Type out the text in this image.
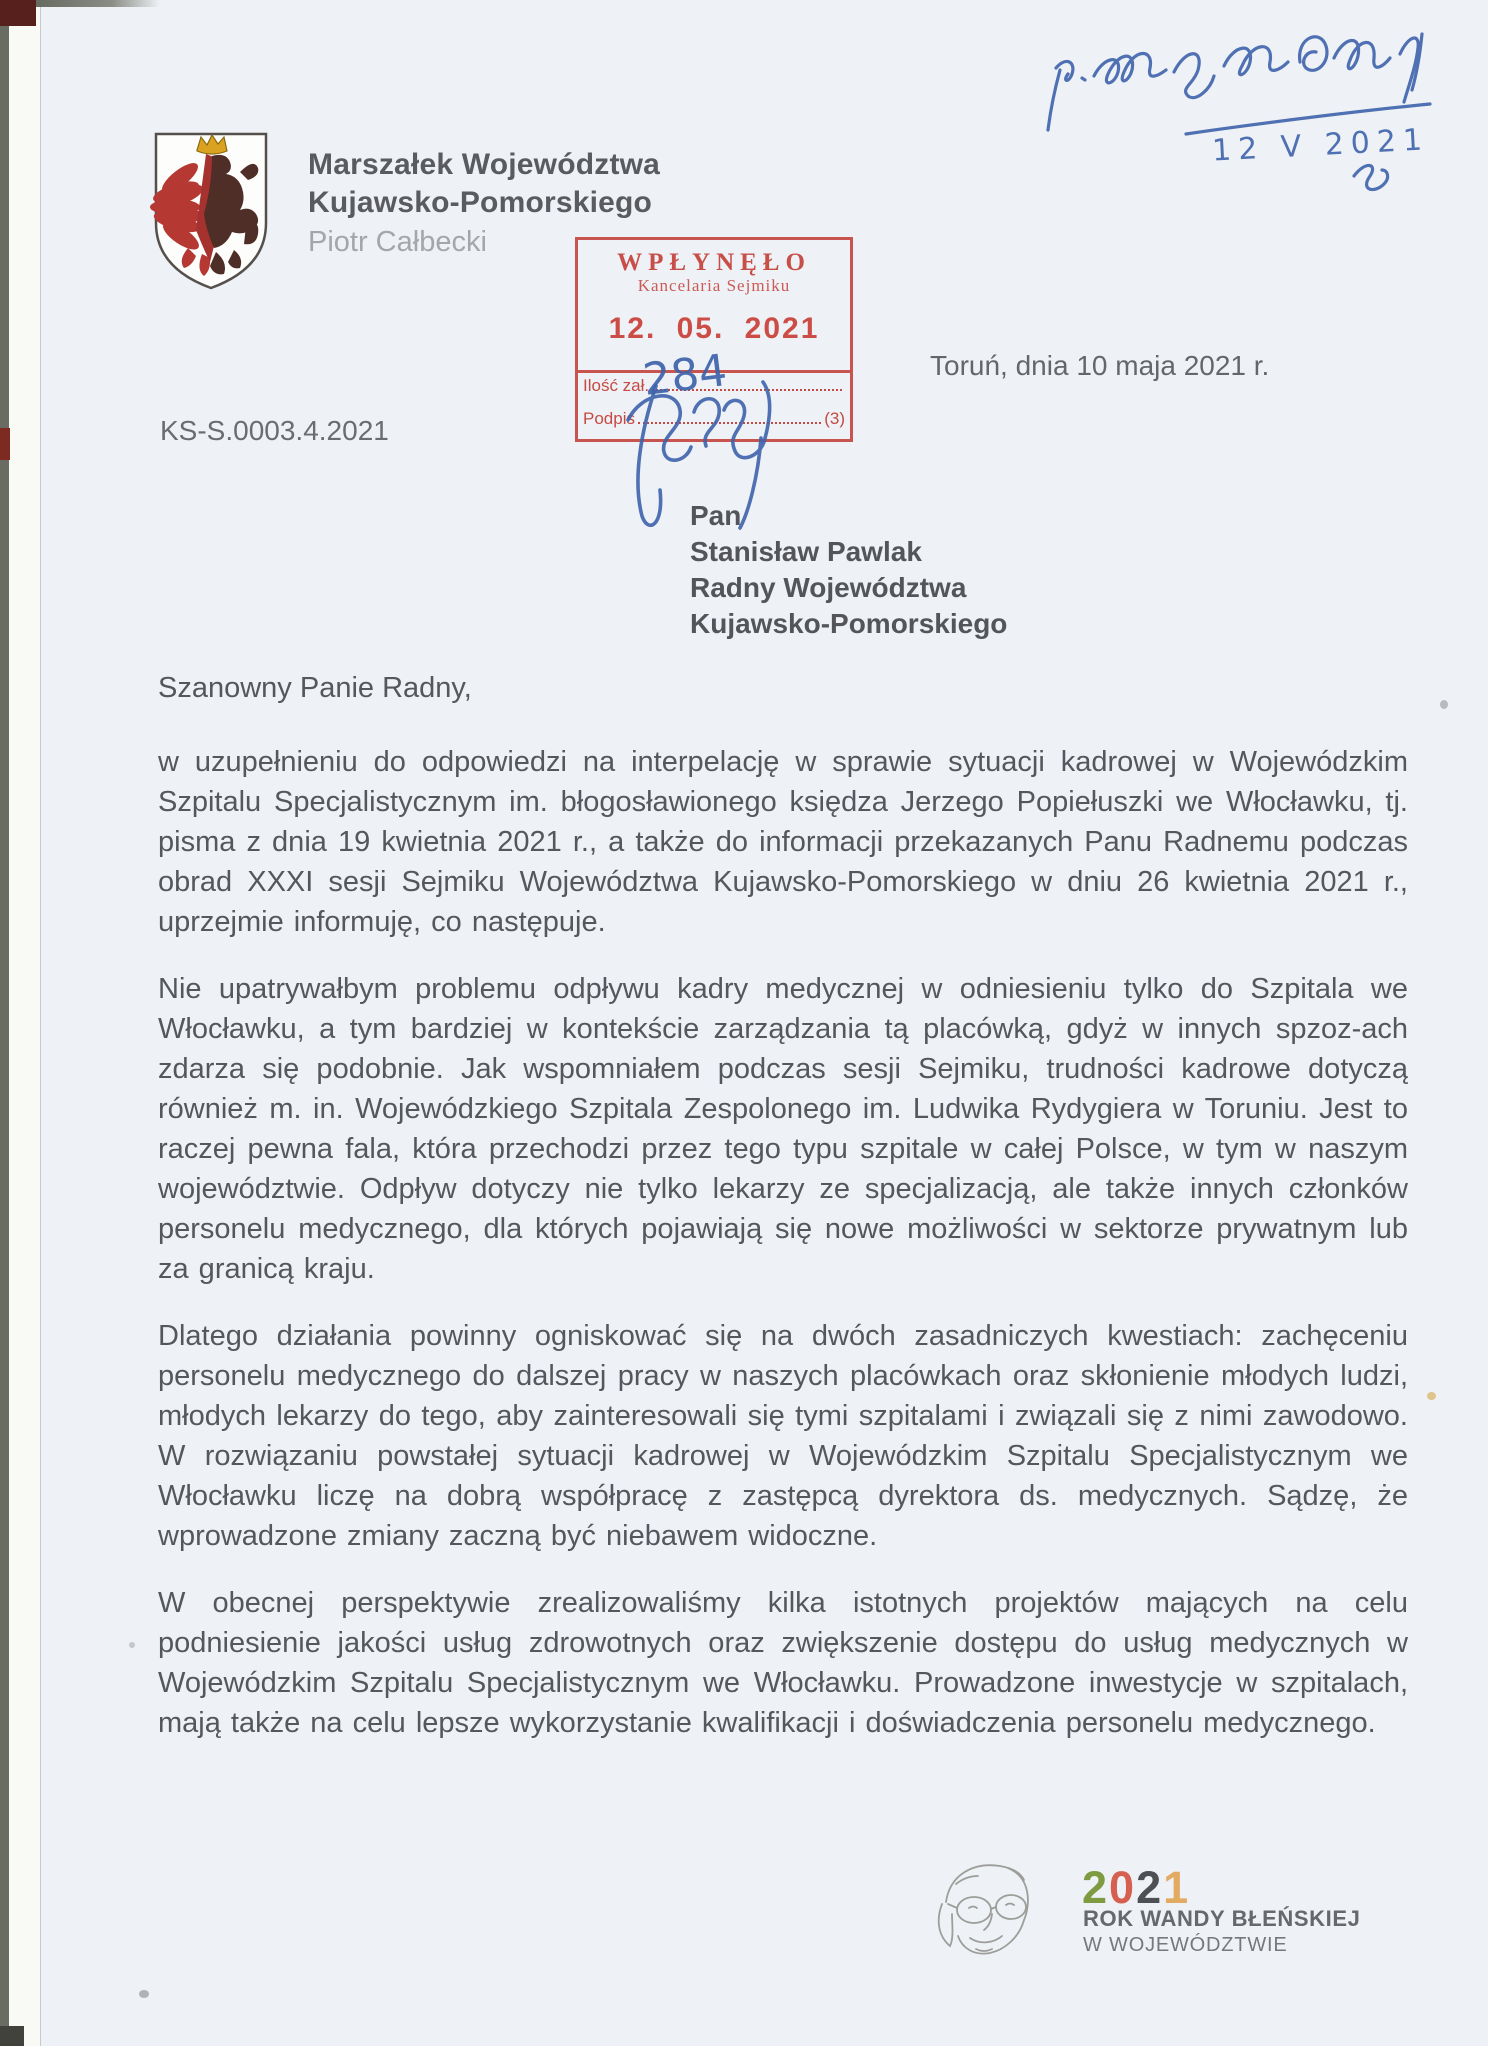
Marszałek Województwa
Kujawsko-Pomorskiego
Piotr Całbecki
WPŁYNĘŁO
Kancelaria Sejmiku
12. 05. 2021
Ilość zał.
Podpis	(3)
284
12 V 2021
Toruń, dnia 10 maja 2021 r.
KS-S.0003.4.2021
Pan
Stanisław Pawlak
Radny Województwa
Kujawsko-Pomorskiego
Szanowny Panie Radny,

w uzupełnieniu do odpowiedzi na interpelację w sprawie sytuacji kadrowej w Wojewódzkim Szpitalu Specjalistycznym im. błogosławionego księdza Jerzego Popiełuszki we Włocławku, tj. pisma z dnia 19 kwietnia 2021 r., a także do informacji przekazanych Panu Radnemu podczas obrad XXXI sesji Sejmiku Województwa Kujawsko-Pomorskiego w dniu 26 kwietnia 2021 r., uprzejmie informuję, co następuje.

Nie upatrywałbym problemu odpływu kadry medycznej w odniesieniu tylko do Szpitala we Włocławku, a tym bardziej w kontekście zarządzania tą placówką, gdyż w innych spzoz-ach zdarza się podobnie. Jak wspomniałem podczas sesji Sejmiku, trudności kadrowe dotyczą również m. in. Wojewódzkiego Szpitala Zespolonego im. Ludwika Rydygiera w Toruniu. Jest to raczej pewna fala, która przechodzi przez tego typu szpitale w całej Polsce, w tym w naszym województwie. Odpływ dotyczy nie tylko lekarzy ze specjalizacją, ale także innych członków personelu medycznego, dla których pojawiają się nowe możliwości w sektorze prywatnym lub za granicą kraju.

Dlatego działania powinny ogniskować się na dwóch zasadniczych kwestiach: zachęceniu personelu medycznego do dalszej pracy w naszych placówkach oraz skłonienie młodych ludzi, młodych lekarzy do tego, aby zainteresowali się tymi szpitalami i związali się z nimi zawodowo. W rozwiązaniu powstałej sytuacji kadrowej w Wojewódzkim Szpitalu Specjalistycznym we Włocławku liczę na dobrą współpracę z zastępcą dyrektora ds. medycznych. Sądzę, że wprowadzone zmiany zaczną być niebawem widoczne.

W obecnej perspektywie zrealizowaliśmy kilka istotnych projektów mających na celu podniesienie jakości usług zdrowotnych oraz zwiększenie dostępu do usług medycznych w Wojewódzkim Szpitalu Specjalistycznym we Włocławku. Prowadzone inwestycje w szpitalach, mają także na celu lepsze wykorzystanie kwalifikacji i doświadczenia personelu medycznego.

2021
ROK WANDY BŁEŃSKIEJ
W WOJEWÓDZTWIE
